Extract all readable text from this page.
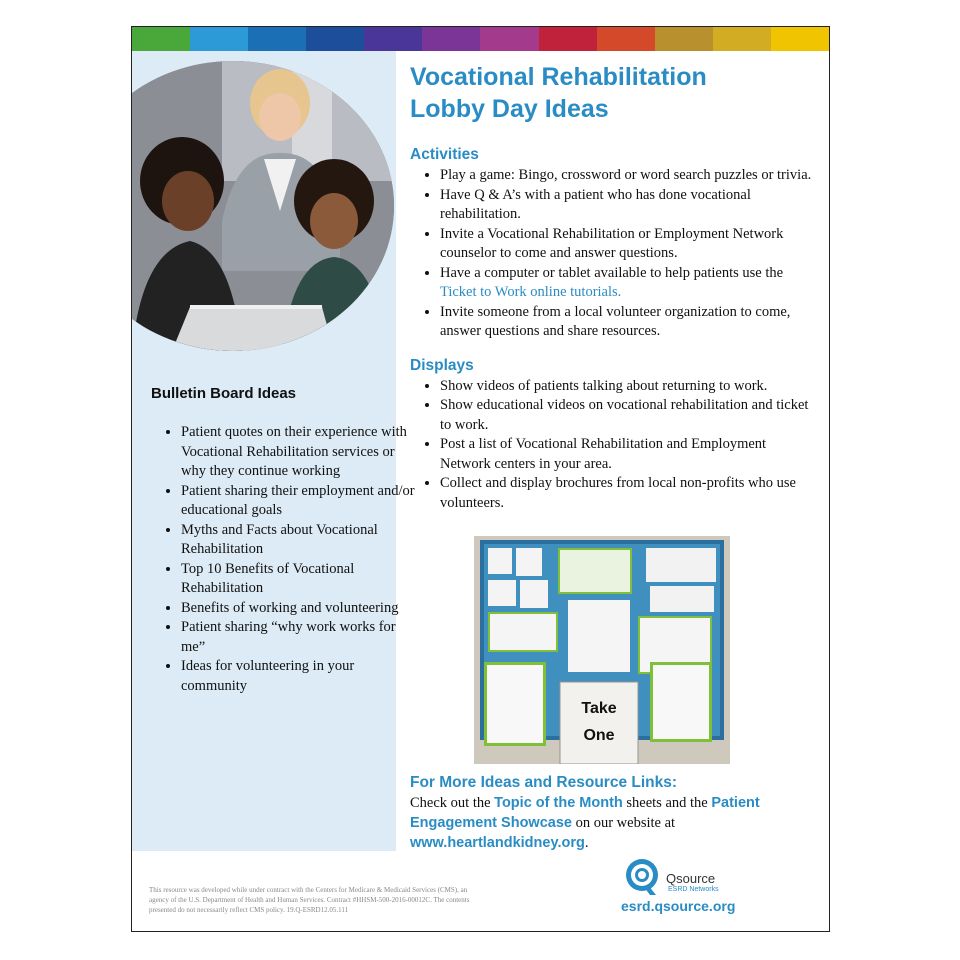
Bulletin Board Ideas
• Patient quotes on their experience with Vocational Rehabilitation services or why they continue working
• Patient sharing their employment and/or educational goals
• Myths and Facts about Vocational Rehabilitation
• Top 10 Benefits of Vocational Rehabilitation
• Benefits of working and volunteering
• Patient sharing “why work works for me”
• Ideas for volunteering in your community
Vocational Rehabilitation
Lobby Day Ideas
Activities
• Play a game: Bingo, crossword or word search puzzles or trivia.
• Have Q & A’s with a patient who has done vocational rehabilitation.
• Invite a Vocational Rehabilitation or Employment Network counselor to come and answer questions.
• Have a computer or tablet available to help patients use the Ticket to Work online tutorials.
• Invite someone from a local volunteer organization to come, answer questions and share resources.
Displays
• Show videos of patients talking about returning to work.
• Show educational videos on vocational rehabilitation and ticket to work.
• Post a list of Vocational Rehabilitation and Employment Network centers in your area.
• Collect and display brochures from local non-profits who use volunteers.
Take
One
For More Ideas and Resource Links:
Check out the Topic of the Month sheets and the Patient Engagement Showcase on our website at
www.heartlandkidney.org.
This resource was developed while under contract with the Centers for Medicare & Medicaid Services (CMS), an agency of the U.S. Department of Health and Human Services. Contract #HHSM-500-2016-00012C. The contents presented do not necessarily reflect CMS policy. 19.Q-ESRD12.05.111
Qsource
ESRD Networks
esrd.qsource.org
